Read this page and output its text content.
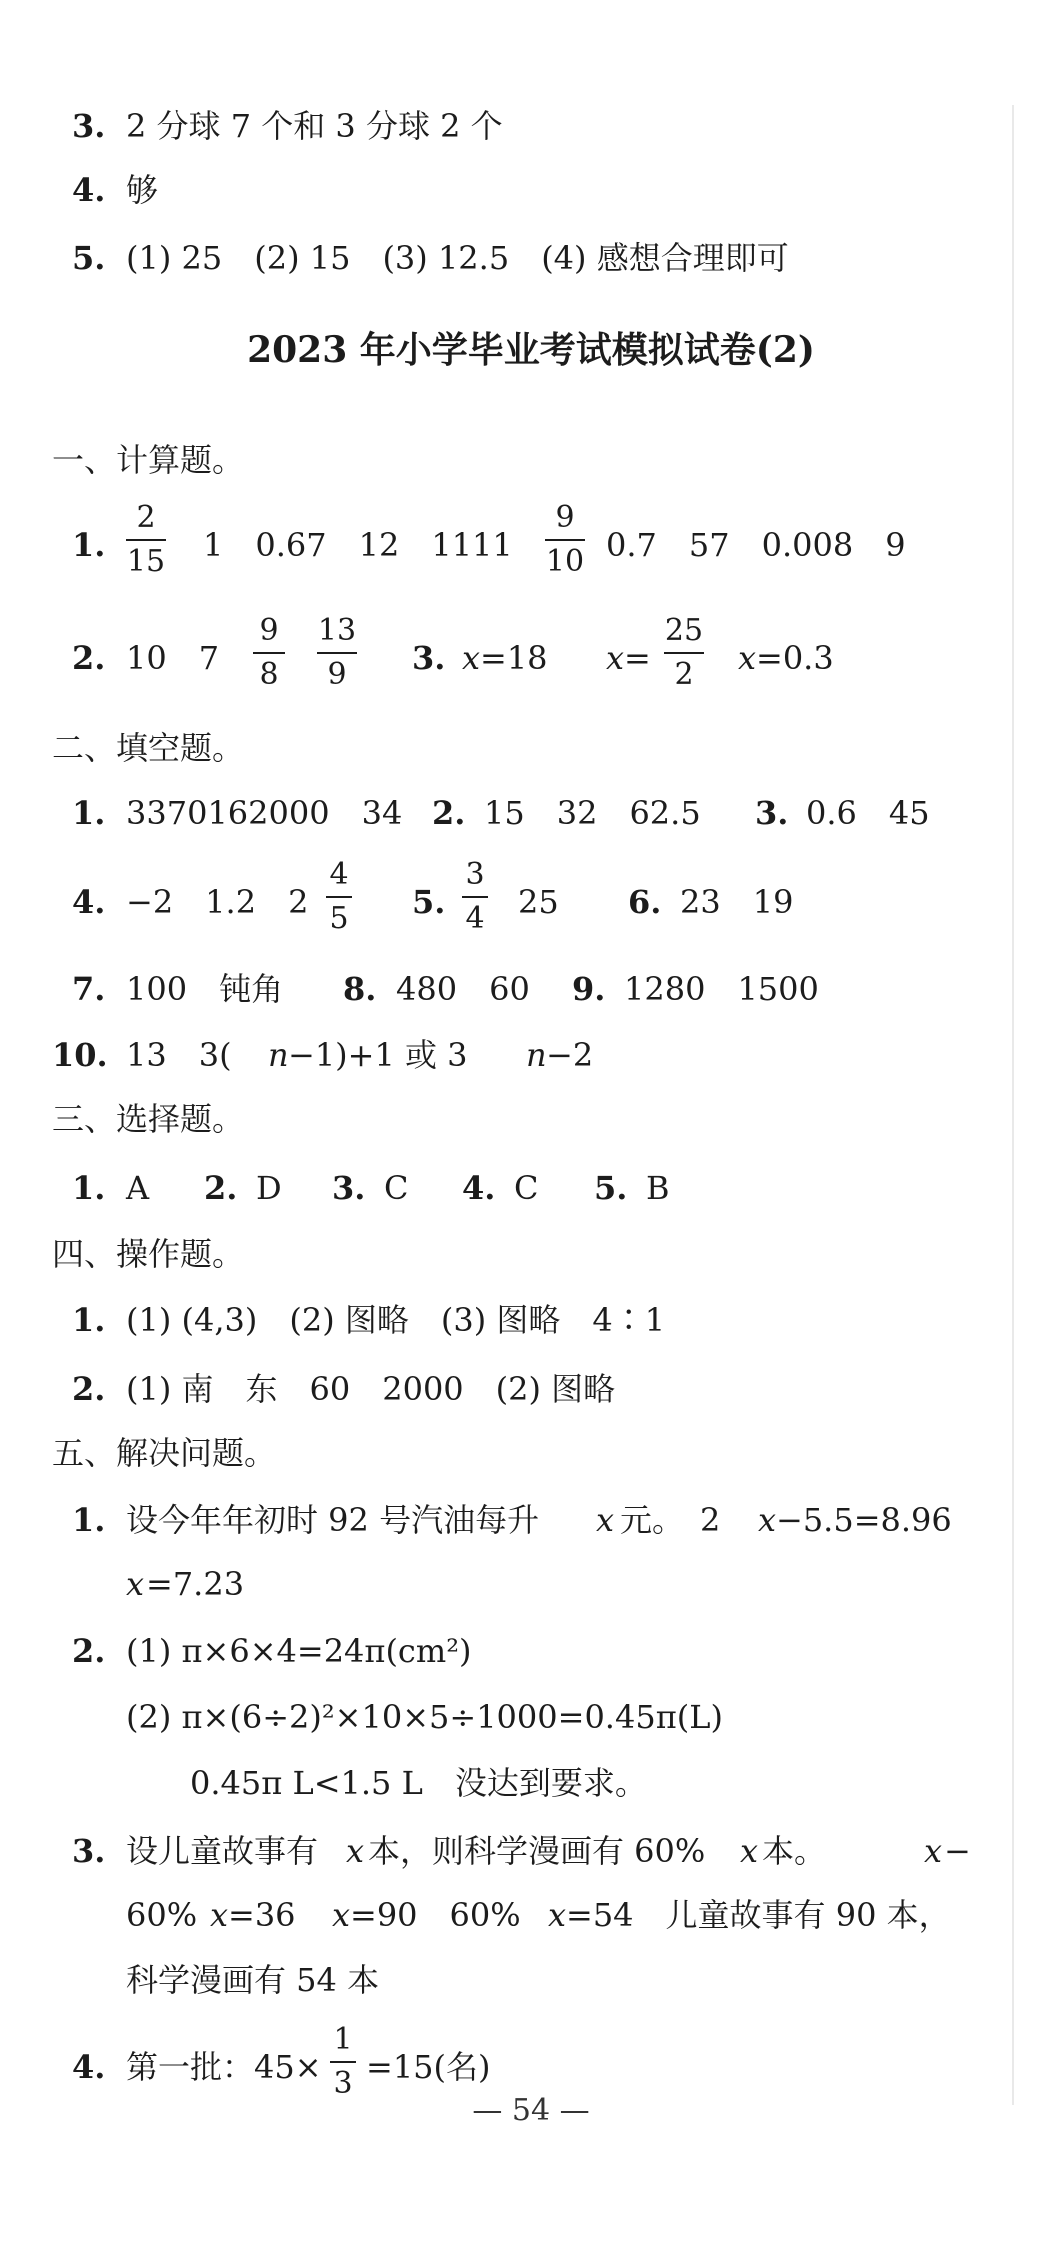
3. 2 分球 7 个和 3 分球 2 个
4. 够
5. (1) 25　(2) 15　(3) 12.5　(4) 感想合理即可
2023 年小学毕业考试模拟试卷(2)
一、计算题。
1.
2
15 1　0.67　12　1111	0.7　57　0.008　9
9
10
2. 10　7	3. x =18 x =	x =0.3
9
8
13
9
25
2
二、填空题。
1. 3370162000　34 2. 15　32　62.5 3. 0.6　45
4. −2　1.2　2	5. 25 6. 23　19
4
5
3
4
7. 100　钝角 8. 480　60 9. 1280　1500
10. 13　3( n −1)+1 或 3 n −2
三、选择题。
1. A 2. D 3. C 4. C 5. B
四、操作题。
1. (1) (4,3)　(2) 图略　(3) 图略　4∶1
2. (1) 南　东　60　2000　(2) 图略
五、解决问题。
1. 设今年年初时 92 号汽油每升 x 元。　2 x −5.5=8.96
x =7.23
2. (1) π×6×4=24π(cm²)
(2) π×(6÷2)²×10×5÷1000=0.45π(L)
0.45π L<1.5 L　没达到要求。
3. 设儿童故事有 x 本，则科学漫画有 60% x 本。	x −
60% x =36 x =90　60% x =54　儿童故事有 90 本，
科学漫画有 54 本
4. 第一批：45× =15(名)
1
3
— 54 —
